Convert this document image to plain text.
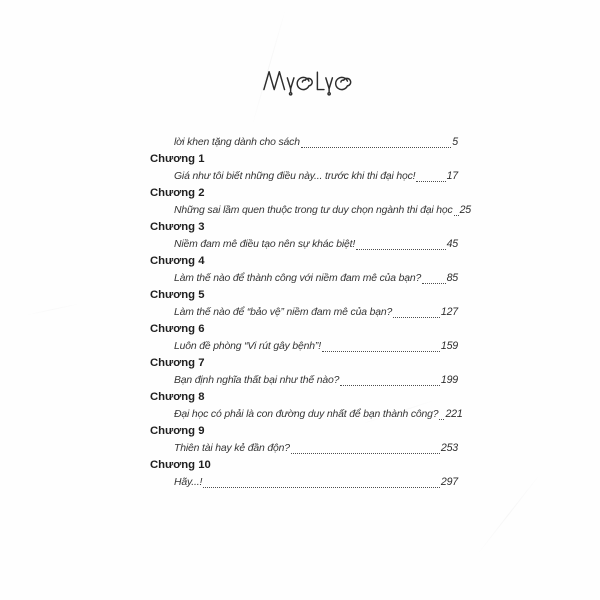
lời khen tặng dành cho sách	5
Chương 1
Giá như tôi biết những điều này... trước khi thi đại học!	17
Chương 2
Những sai lầm quen thuộc trong tư duy chọn ngành thi đại học 25
Chương 3
Niềm đam mê điều tạo nên sự khác biệt!	45
Chương 4
Làm thế nào để thành công với niềm đam mê của bạn? 85
Chương 5
Làm thế nào để “bảo vệ” niềm đam mê của bạn?	127
Chương 6
Luôn đề phòng “Vi rút gây bệnh”!	159
Chương 7
Bạn định nghĩa thất bại như thế nào?	199
Chương 8
Đại học có phải là con đường duy nhất để bạn thành công? 221
Chương 9
Thiên tài hay kẻ đần độn?	253
Chương 10
Hãy...!	297
